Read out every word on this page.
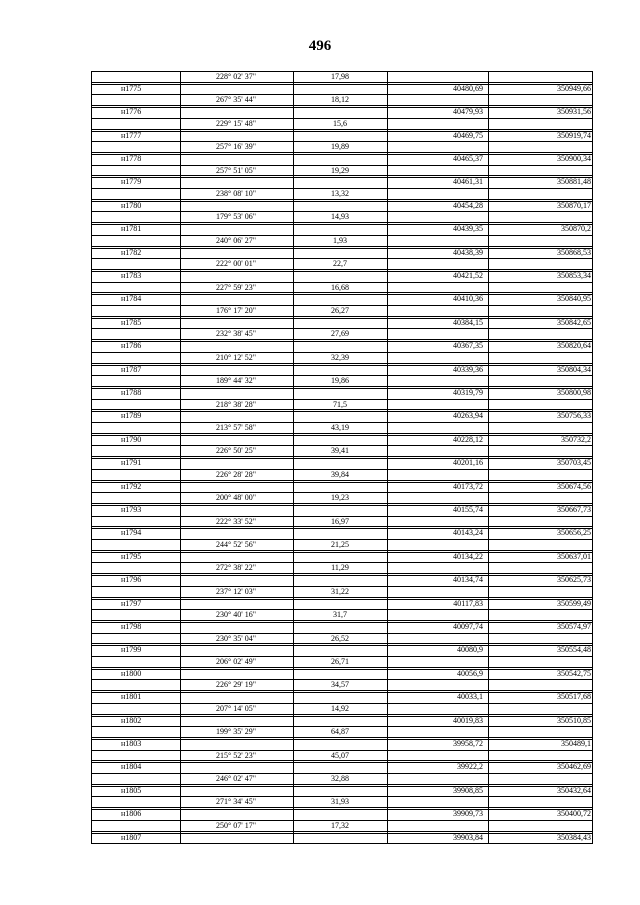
496
228° 02' 37"	17,98
н1775	40480,69	350949,66
267° 35' 44"	18,12
н1776	40479,93	350931,56
229° 15' 48"	15,6
н1777	40469,75	350919,74
257° 16' 39"	19,89
н1778	40465,37	350900,34
257° 51' 05"	19,29
н1779	40461,31	350881,48
238° 08' 10"	13,32
н1780	40454,28	350870,17
179° 53' 06"	14,93
н1781	40439,35	350870,2
240° 06' 27"	1,93
н1782	40438,39	350868,53
222° 00' 01"	22,7
н1783	40421,52	350853,34
227° 59' 23"	16,68
н1784	40410,36	350840,95
176° 17' 20"	26,27
н1785	40384,15	350842,65
232° 38' 45"	27,69
н1786	40367,35	350820,64
210° 12' 52"	32,39
н1787	40339,36	350804,34
189° 44' 32"	19,86
н1788	40319,79	350800,98
218° 38' 28"	71,5
н1789	40263,94	350756,33
213° 57' 58"	43,19
н1790	40228,12	350732,2
226° 50' 25"	39,41
н1791	40201,16	350703,45
226° 28' 28"	39,84
н1792	40173,72	350674,56
200° 48' 00"	19,23
н1793	40155,74	350667,73
222° 33' 52"	16,97
н1794	40143,24	350656,25
244° 52' 56"	21,25
н1795	40134,22	350637,01
272° 38' 22"	11,29
н1796	40134,74	350625,73
237° 12' 03"	31,22
н1797	40117,83	350599,49
230° 40' 16"	31,7
н1798	40097,74	350574,97
230° 35' 04"	26,52
н1799	40080,9	350554,48
206° 02' 49"	26,71
н1800	40056,9	350542,75
226° 29' 19"	34,57
н1801	40033,1	350517,68
207° 14' 05"	14,92
н1802	40019,83	350510,85
199° 35' 29"	64,87
н1803	39958,72	350489,1
215° 52' 23"	45,07
н1804	39922,2	350462,69
246° 02' 47"	32,88
н1805	39908,85	350432,64
271° 34' 45"	31,93
н1806	39909,73	350400,72
250° 07' 17"	17,32
н1807	39903,84	350384,43
